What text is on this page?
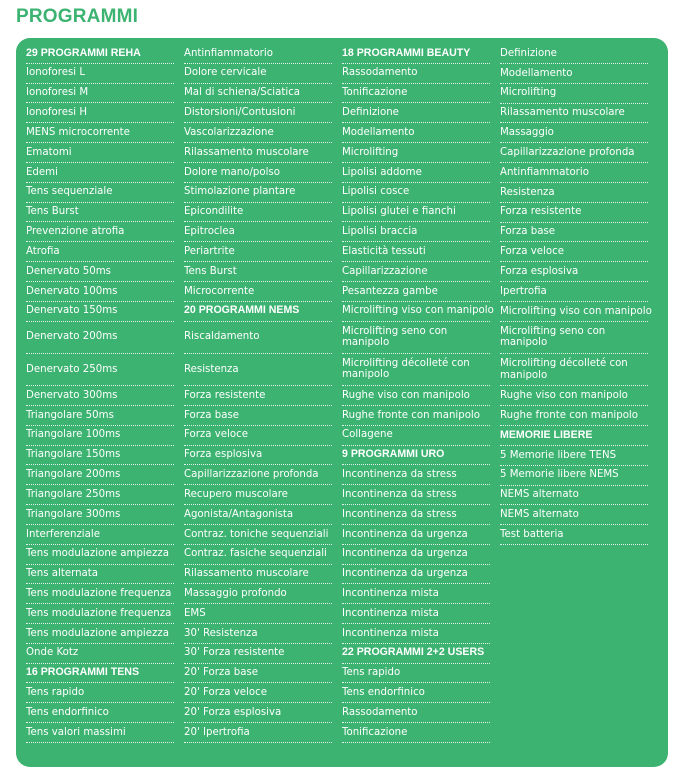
PROGRAMMI
29 PROGRAMMI REHA
Ionoforesi L
Ionoforesi M
Ionoforesi H
MENS microcorrente
Ematomi
Edemi
Tens sequenziale
Tens Burst
Prevenzione atrofia
Atrofia
Denervato 50ms
Denervato 100ms
Denervato 150ms
Denervato 200ms
Denervato 250ms
Denervato 300ms
Triangolare 50ms
Triangolare 100ms
Triangolare 150ms
Triangolare 200ms
Triangolare 250ms
Triangolare 300ms
Interferenziale
Tens modulazione ampiezza
Tens alternata
Tens modulazione frequenza
Tens modulazione frequenza
Tens modulazione ampiezza
Onde Kotz
16 PROGRAMMI TENS
Tens rapido
Tens endorfinico
Tens valori massimi
Antinfiammatorio
Dolore cervicale
Mal di schiena/Sciatica
Distorsioni/Contusioni
Vascolarizzazione
Rilassamento muscolare
Dolore mano/polso
Stimolazione plantare
Epicondilite
Epitroclea
Periartrite
Tens Burst
Microcorrente
20 PROGRAMMI NEMS
Riscaldamento
Resistenza
Forza resistente
Forza base
Forza veloce
Forza esplosiva
Capillarizzazione profonda
Recupero muscolare
Agonista/Antagonista
Contraz. toniche sequenziali
Contraz. fasiche sequenziali
Rilassamento muscolare
Massaggio profondo
EMS
30' Resistenza
30' Forza resistente
20' Forza base
20' Forza veloce
20' Forza esplosiva
20' Ipertrofia
18 PROGRAMMI BEAUTY
Rassodamento
Tonificazione
Definizione
Modellamento
Microlifting
Lipolisi addome
Lipolisi cosce
Lipolisi glutei e fianchi
Lipolisi braccia
Elasticità tessuti
Capillarizzazione
Pesantezza gambe
Microlifting viso con manipolo
Microlifting seno con manipolo
Microlifting décolleté con manipolo
Rughe viso con manipolo
Rughe fronte con manipolo
Collagene
9 PROGRAMMI URO
Incontinenza da stress
Incontinenza da stress
Incontinenza da stress
Incontinenza da urgenza
Incontinenza da urgenza
Incontinenza da urgenza
Incontinenza mista
Incontinenza mista
Incontinenza mista
22 PROGRAMMI 2+2 USERS
Tens rapido
Tens endorfinico
Rassodamento
Tonificazione
Definizione
Modellamento
Microlifting
Rilassamento muscolare
Massaggio
Capillarizzazione profonda
Antinfiammatorio
Resistenza
Forza resistente
Forza base
Forza veloce
Forza esplosiva
Ipertrofia
Microlifting viso con manipolo
Microlifting seno con manipolo
Microlifting décolleté con manipolo
Rughe viso con manipolo
Rughe fronte con manipolo
MEMORIE LIBERE
5 Memorie libere TENS
5 Memorie libere NEMS
NEMS alternato
NEMS alternato
Test batteria
